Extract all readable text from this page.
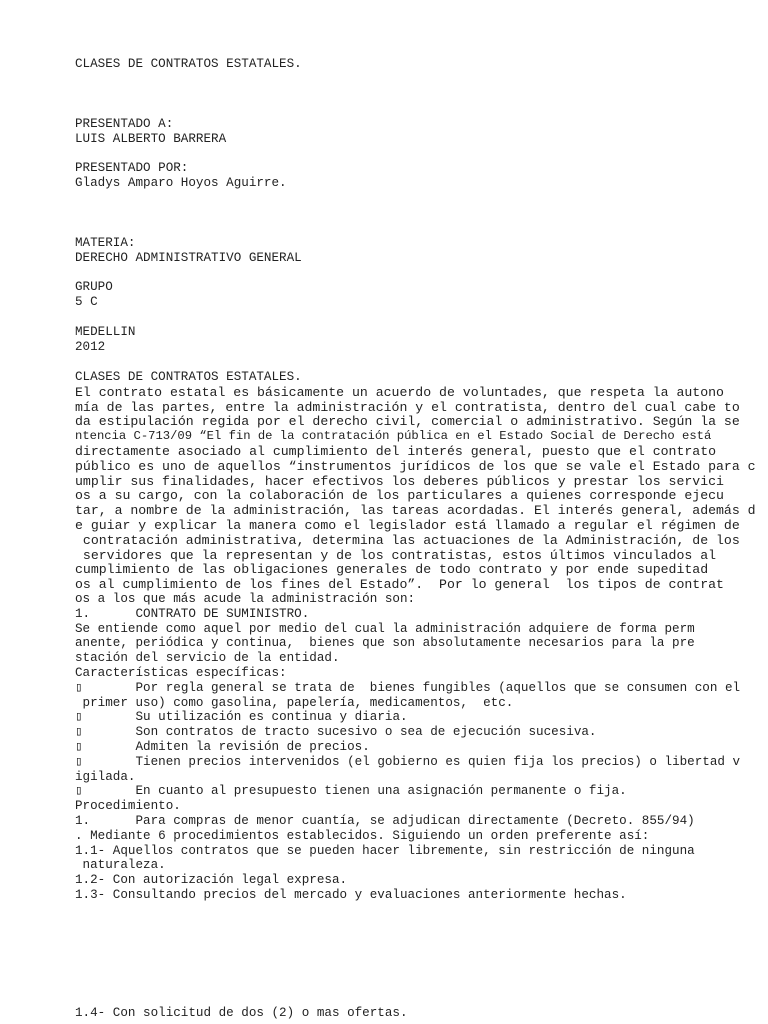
CLASES DE CONTRATOS ESTATALES.
PRESENTADO A:
LUIS ALBERTO BARRERA
PRESENTADO POR:
Gladys Amparo Hoyos Aguirre.
MATERIA:
DERECHO ADMINISTRATIVO GENERAL
GRUPO
5 C
MEDELLIN
2012
CLASES DE CONTRATOS ESTATALES.
El contrato estatal es básicamente un acuerdo de voluntades, que respeta la autono
mía de las partes, entre la administración y el contratista, dentro del cual cabe to
da estipulación regida por el derecho civil, comercial o administrativo. Según la se
ntencia C-713/09 “El fin de la contratación pública en el Estado Social de Derecho está
directamente asociado al cumplimiento del interés general, puesto que el contrato
público es uno de aquellos “instrumentos jurídicos de los que se vale el Estado para c
umplir sus finalidades, hacer efectivos los deberes públicos y prestar los servici
os a su cargo, con la colaboración de los particulares a quienes corresponde ejecu
tar, a nombre de la administración, las tareas acordadas. El interés general, además d
e guiar y explicar la manera como el legislador está llamado a regular el régimen de
contratación administrativa, determina las actuaciones de la Administración, de los
servidores que la representan y de los contratistas, estos últimos vinculados al
cumplimiento de las obligaciones generales de todo contrato y por ende supeditad
os al cumplimiento de los fines del Estado”.  Por lo general  los tipos de contrat
os a los que más acude la administración son:
1.      CONTRATO DE SUMINISTRO.
Se entiende como aquel por medio del cual la administración adquiere de forma perm
anente, periódica y continua,  bienes que son absolutamente necesarios para la pre
stación del servicio de la entidad.
Características específicas:
▯       Por regla general se trata de  bienes fungibles (aquellos que se consumen con el
primer uso) como gasolina, papelería, medicamentos,  etc.
▯       Su utilización es continua y diaria.
▯       Son contratos de tracto sucesivo o sea de ejecución sucesiva.
▯       Admiten la revisión de precios.
▯       Tienen precios intervenidos (el gobierno es quien fija los precios) o libertad v
igilada.
▯       En cuanto al presupuesto tienen una asignación permanente o fija.
Procedimiento.
1.      Para compras de menor cuantía, se adjudican directamente (Decreto. 855/94)
. Mediante 6 procedimientos establecidos. Siguiendo un orden preferente así:
1.1- Aquellos contratos que se pueden hacer libremente, sin restricción de ninguna
naturaleza.
1.2- Con autorización legal expresa.
1.3- Consultando precios del mercado y evaluaciones anteriormente hechas.
1.4- Con solicitud de dos (2) o mas ofertas.
